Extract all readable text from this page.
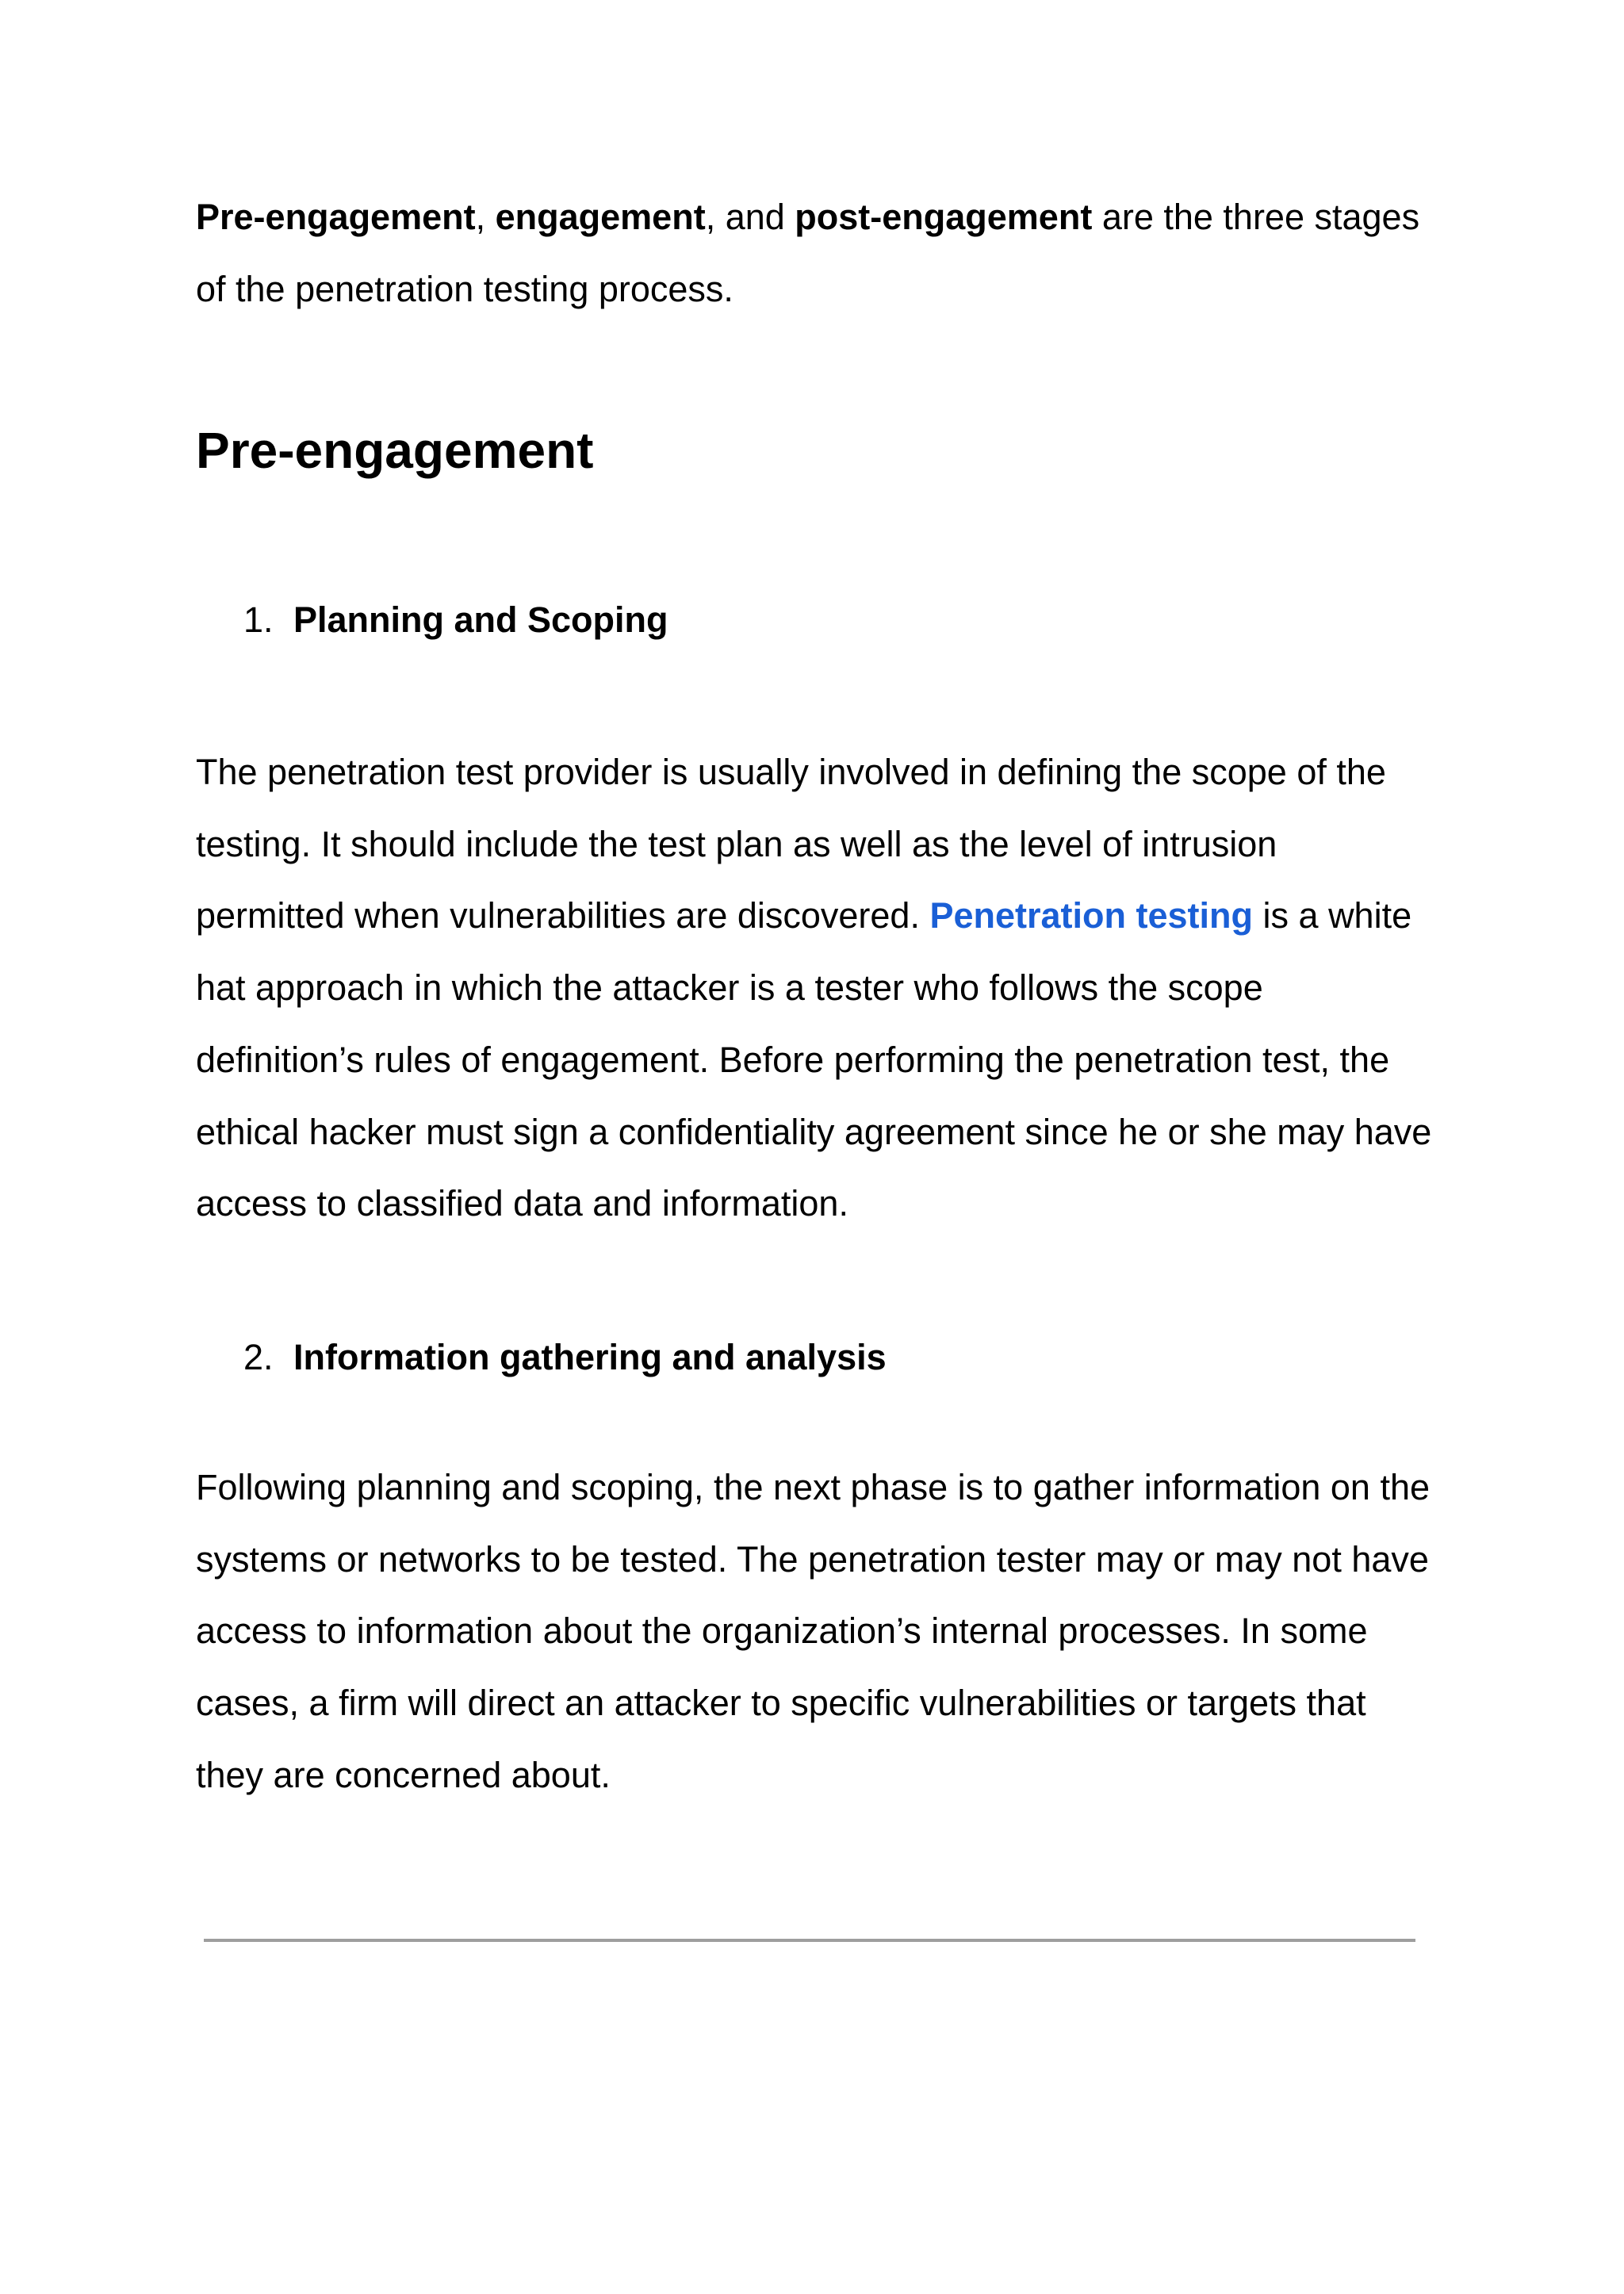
Pre-engagement, engagement, and post-engagement are the three stages of the penetration testing process.

Pre-engagement
1. Planning and Scoping

The penetration test provider is usually involved in defining the scope of the testing. It should include the test plan as well as the level of intrusion permitted when vulnerabilities are discovered. Penetration testing is a white hat approach in which the attacker is a tester who follows the scope definition’s rules of engagement. Before performing the penetration test, the ethical hacker must sign a confidentiality agreement since he or she may have access to classified data and information.

2. Information gathering and analysis

Following planning and scoping, the next phase is to gather information on the systems or networks to be tested. The penetration tester may or may not have access to information about the organization’s internal processes. In some cases, a firm will direct an attacker to specific vulnerabilities or targets that they are concerned about.
